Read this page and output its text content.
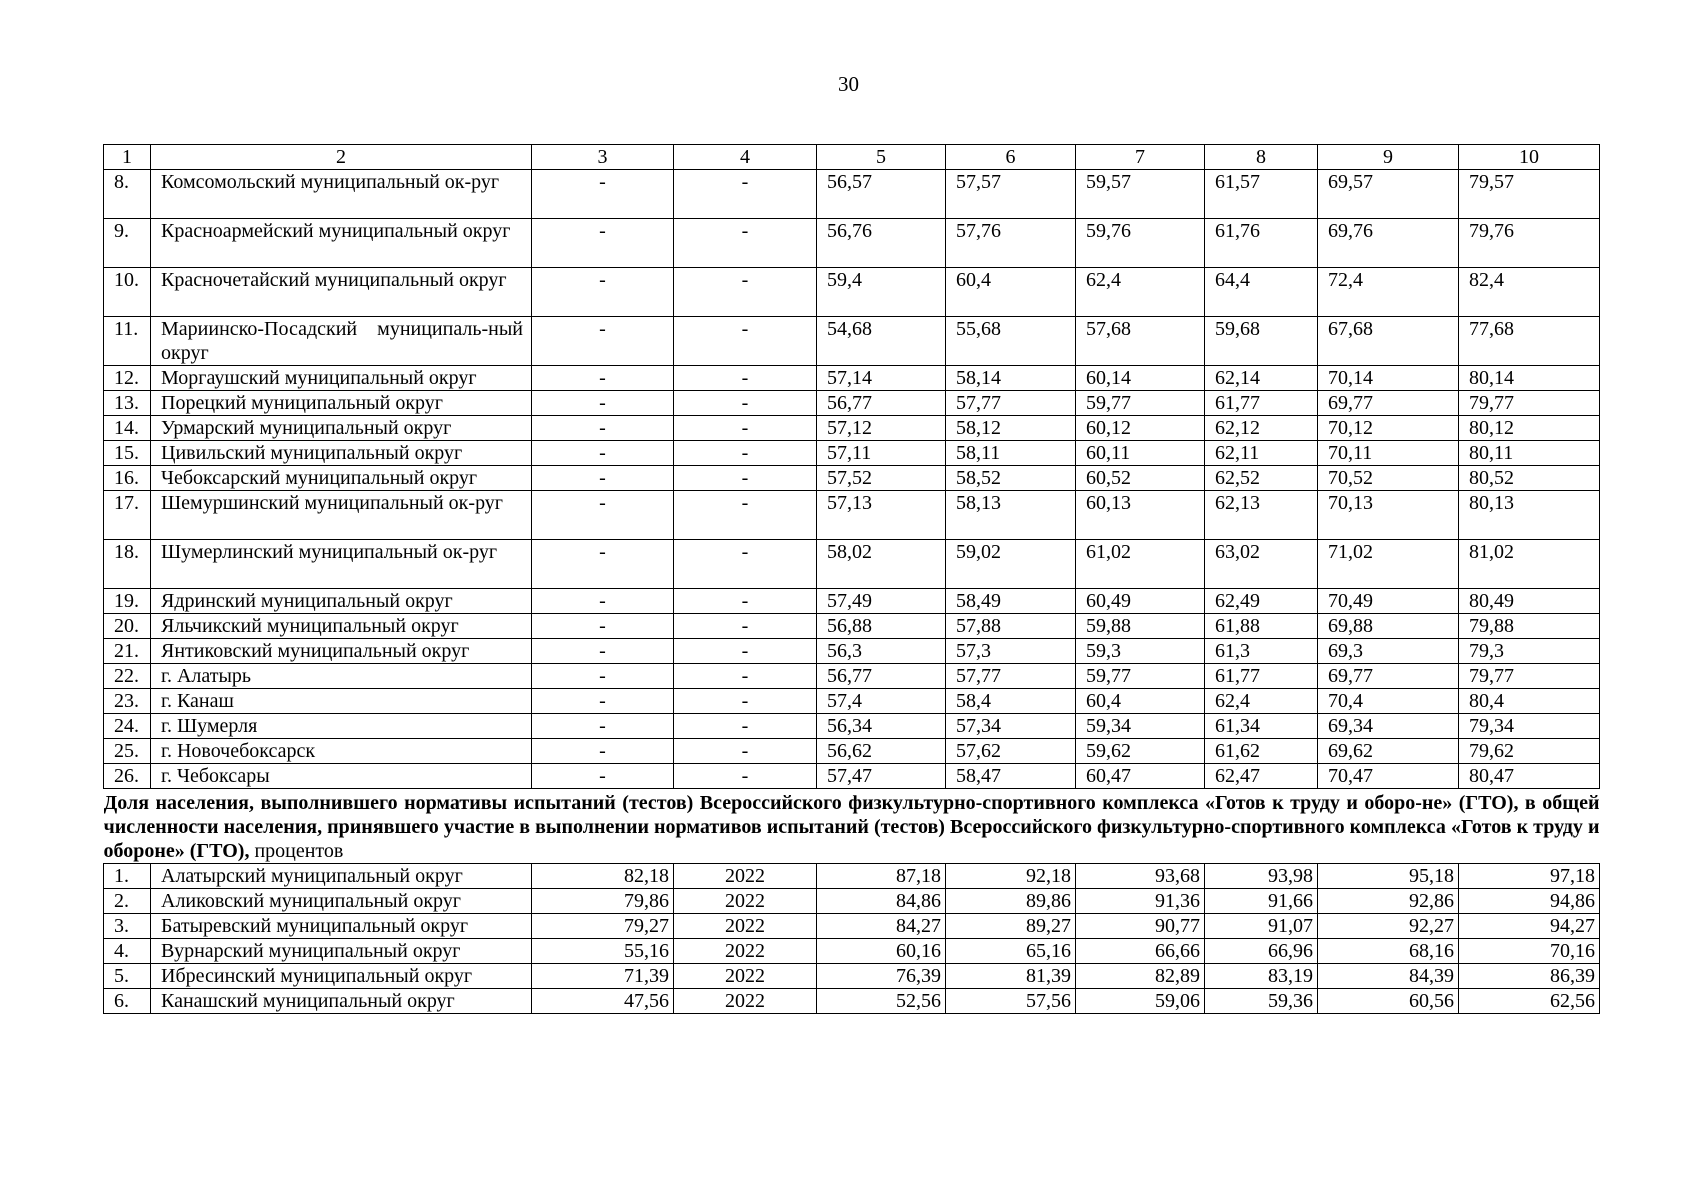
30
1	2	3	4	5	6	7	8	9	10
8.	Комсомольский муниципальный ок-руг	-	-	56,57	57,57	59,57	61,57	69,57	79,57
9.	Красноармейский муниципальный округ	-	-	56,76	57,76	59,76	61,76	69,76	79,76
10.	Красночетайский муниципальный округ	-	-	59,4	60,4	62,4	64,4	72,4	82,4
11.	Мариинско-Посадский муниципаль-ный округ	-	-	54,68	55,68	57,68	59,68	67,68	77,68
12.	Моргаушский муниципальный округ	-	-	57,14	58,14	60,14	62,14	70,14	80,14
13.	Порецкий муниципальный округ	-	-	56,77	57,77	59,77	61,77	69,77	79,77
14.	Урмарский муниципальный округ	-	-	57,12	58,12	60,12	62,12	70,12	80,12
15.	Цивильский муниципальный округ	-	-	57,11	58,11	60,11	62,11	70,11	80,11
16.	Чебоксарский муниципальный округ	-	-	57,52	58,52	60,52	62,52	70,52	80,52
17.	Шемуршинский муниципальный ок-руг	-	-	57,13	58,13	60,13	62,13	70,13	80,13
18.	Шумерлинский муниципальный ок-руг	-	-	58,02	59,02	61,02	63,02	71,02	81,02
19.	Ядринский муниципальный округ	-	-	57,49	58,49	60,49	62,49	70,49	80,49
20.	Яльчикский муниципальный округ	-	-	56,88	57,88	59,88	61,88	69,88	79,88
21.	Янтиковский муниципальный округ	-	-	56,3	57,3	59,3	61,3	69,3	79,3
22.	г. Алатырь	-	-	56,77	57,77	59,77	61,77	69,77	79,77
23.	г. Канаш	-	-	57,4	58,4	60,4	62,4	70,4	80,4
24.	г. Шумерля	-	-	56,34	57,34	59,34	61,34	69,34	79,34
25.	г. Новочебоксарск	-	-	56,62	57,62	59,62	61,62	69,62	79,62
26.	г. Чебоксары	-	-	57,47	58,47	60,47	62,47	70,47	80,47
Доля населения, выполнившего нормативы испытаний (тестов) Всероссийского физкультурно-спортивного комплекса «Готов к труду и оборо-не» (ГТО), в общей численности населения, принявшего участие в выполнении нормативов испытаний (тестов) Всероссийского физкультурно-спортивного комплекса «Готов к труду и обороне» (ГТО), процентов									
1.	Алатырский муниципальный округ	82,18	2022	87,18	92,18	93,68	93,98	95,18	97,18
2.	Аликовский муниципальный округ	79,86	2022	84,86	89,86	91,36	91,66	92,86	94,86
3.	Батыревский муниципальный округ	79,27	2022	84,27	89,27	90,77	91,07	92,27	94,27
4.	Вурнарский муниципальный округ	55,16	2022	60,16	65,16	66,66	66,96	68,16	70,16
5.	Ибресинский муниципальный округ	71,39	2022	76,39	81,39	82,89	83,19	84,39	86,39
6.	Канашский муниципальный округ	47,56	2022	52,56	57,56	59,06	59,36	60,56	62,56
